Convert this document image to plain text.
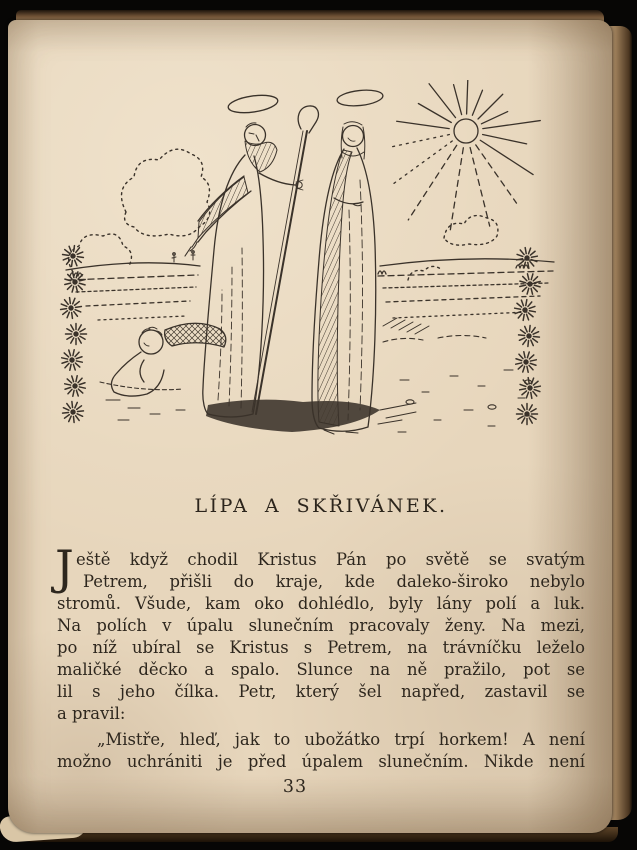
LÍPA A SKŘIVÁNEK.
J eště když chodil Kristus Pán po světě se svatým
Petrem, přišli do kraje, kde daleko-široko nebylo
stromů. Všude, kam oko dohlédlo, byly lány polí a luk.
Na polích v úpalu slunečním pracovaly ženy. Na mezi,
po níž ubíral se Kristus s Petrem, na trávníčku leželo
maličké děcko a spalo. Slunce na ně pražilo, pot se
lil s jeho čílka. Petr, který šel napřed, zastavil se
a pravil:
„Mistře, hleď, jak to ubožátko trpí horkem! A není
možno uchrániti je před úpalem slunečním. Nikde není
33
